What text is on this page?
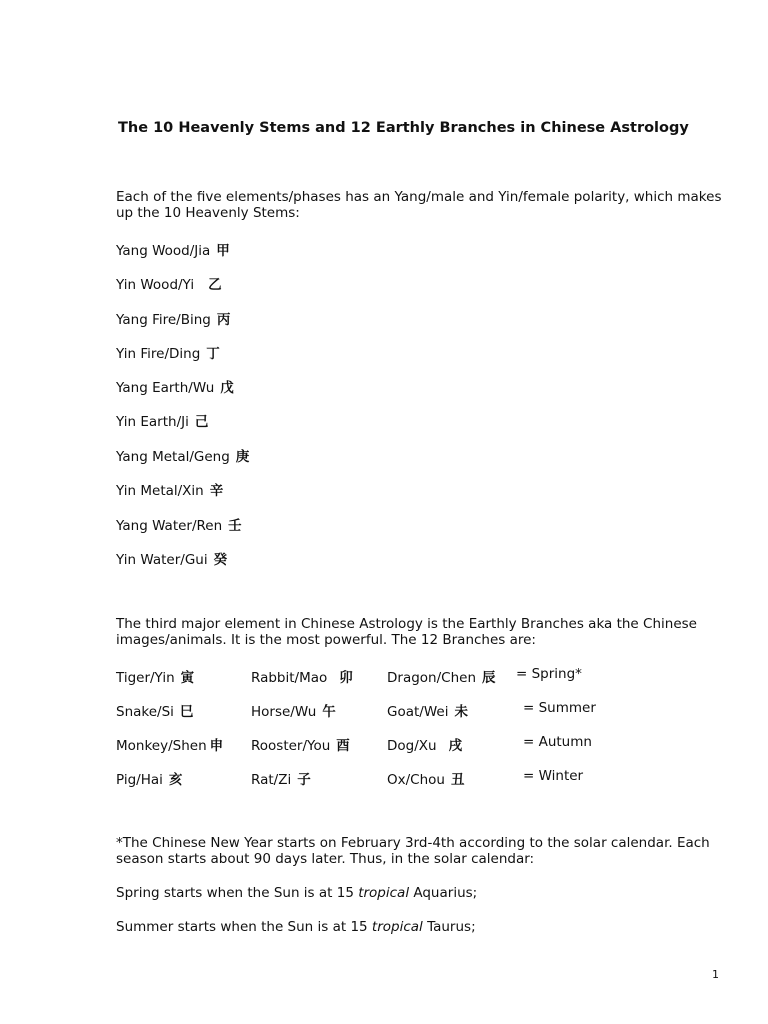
The 10 Heavenly Stems and 12 Earthly Branches in Chinese Astrology
Each of the five elements/phases has an Yang/male and Yin/female polarity, which makes up the 10 Heavenly Stems:
Yang Wood/Jia 甲
Yin Wood/Yi 乙
Yang Fire/Bing 丙
Yin Fire/Ding 丁
Yang Earth/Wu 戊
Yin Earth/Ji 己
Yang Metal/Geng 庚
Yin Metal/Xin 辛
Yang Water/Ren 壬
Yin Water/Gui 癸
The third major element in Chinese Astrology is the Earthly Branches aka the Chinese images/animals. It is the most powerful. The 12 Branches are:
Tiger/Yin 寅	Rabbit/Mao 卯	Dragon/Chen 辰 = Spring*
Snake/Si 巳	Horse/Wu 午	Goat/Wei 未	= Summer
Monkey/Shen 申 Rooster/You 酉	Dog/Xu 戌	= Autumn
Pig/Hai 亥	Rat/Zi 子	Ox/Chou 丑	= Winter
*The Chinese New Year starts on February 3rd-4th according to the solar calendar. Each season starts about 90 days later. Thus, in the solar calendar:
Spring starts when the Sun is at 15 tropical Aquarius;
Summer starts when the Sun is at 15 tropical Taurus;
1
